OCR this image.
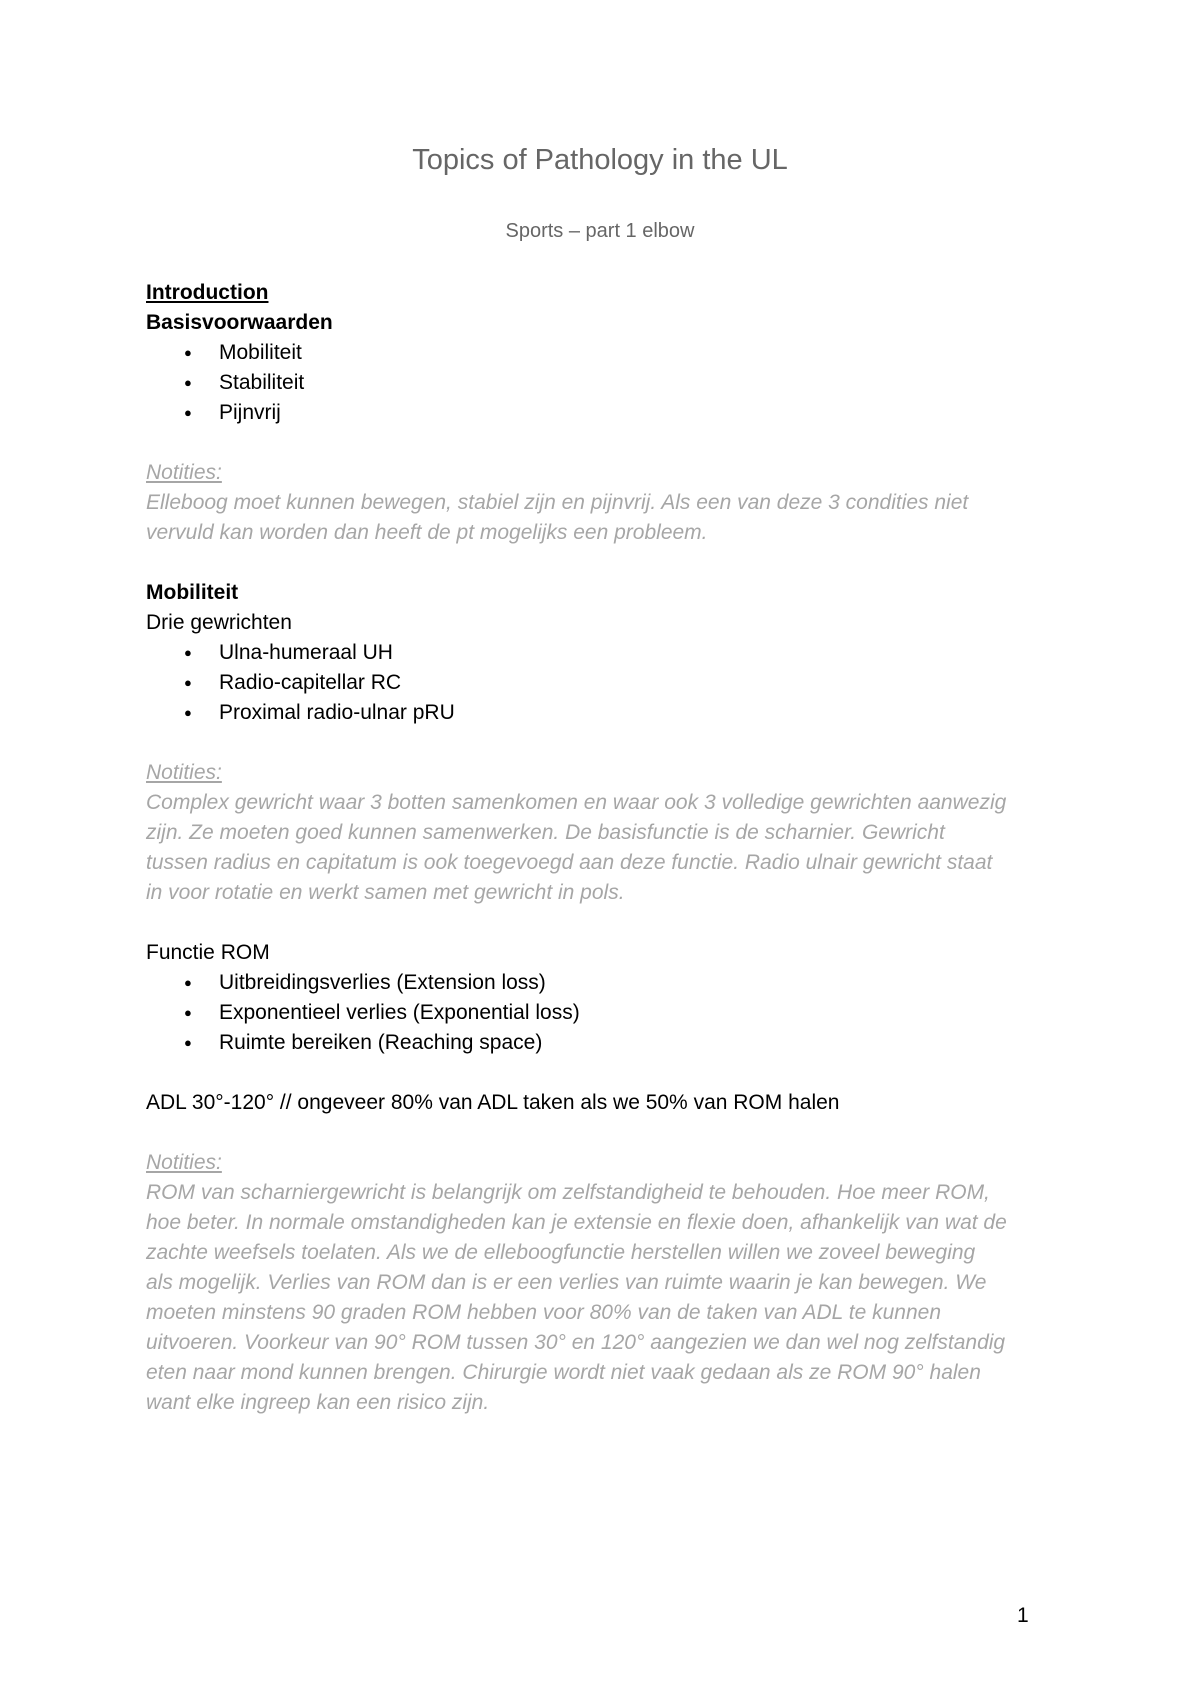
Topics of Pathology in the UL

Sports – part 1 elbow

Introduction

Basisvoorwaarden

● Mobiliteit
● Stabiliteit
● Pijnvrij

Notities:

Elleboog moet kunnen bewegen, stabiel zijn en pijnvrij. Als een van deze 3 condities niet

vervuld kan worden dan heeft de pt mogelijks een probleem.

Mobiliteit

Drie gewrichten

● Ulna-humeraal UH
● Radio-capitellar RC
● Proximal radio-ulnar pRU

Notities:

Complex gewricht waar 3 botten samenkomen en waar ook 3 volledige gewrichten aanwezig

zijn. Ze moeten goed kunnen samenwerken. De basisfunctie is de scharnier. Gewricht

tussen radius en capitatum is ook toegevoegd aan deze functie. Radio ulnair gewricht staat

in voor rotatie en werkt samen met gewricht in pols.

Functie ROM

● Uitbreidingsverlies (Extension loss)
● Exponentieel verlies (Exponential loss)
● Ruimte bereiken (Reaching space)

ADL 30°-120° // ongeveer 80% van ADL taken als we 50% van ROM halen

Notities:

ROM van scharniergewricht is belangrijk om zelfstandigheid te behouden. Hoe meer ROM,

hoe beter. In normale omstandigheden kan je extensie en flexie doen, afhankelijk van wat de

zachte weefsels toelaten. Als we de elleboogfunctie herstellen willen we zoveel beweging

als mogelijk. Verlies van ROM dan is er een verlies van ruimte waarin je kan bewegen. We

moeten minstens 90 graden ROM hebben voor 80% van de taken van ADL te kunnen

uitvoeren. Voorkeur van 90° ROM tussen 30° en 120° aangezien we dan wel nog zelfstandig

eten naar mond kunnen brengen. Chirurgie wordt niet vaak gedaan als ze ROM 90° halen

want elke ingreep kan een risico zijn.

1
